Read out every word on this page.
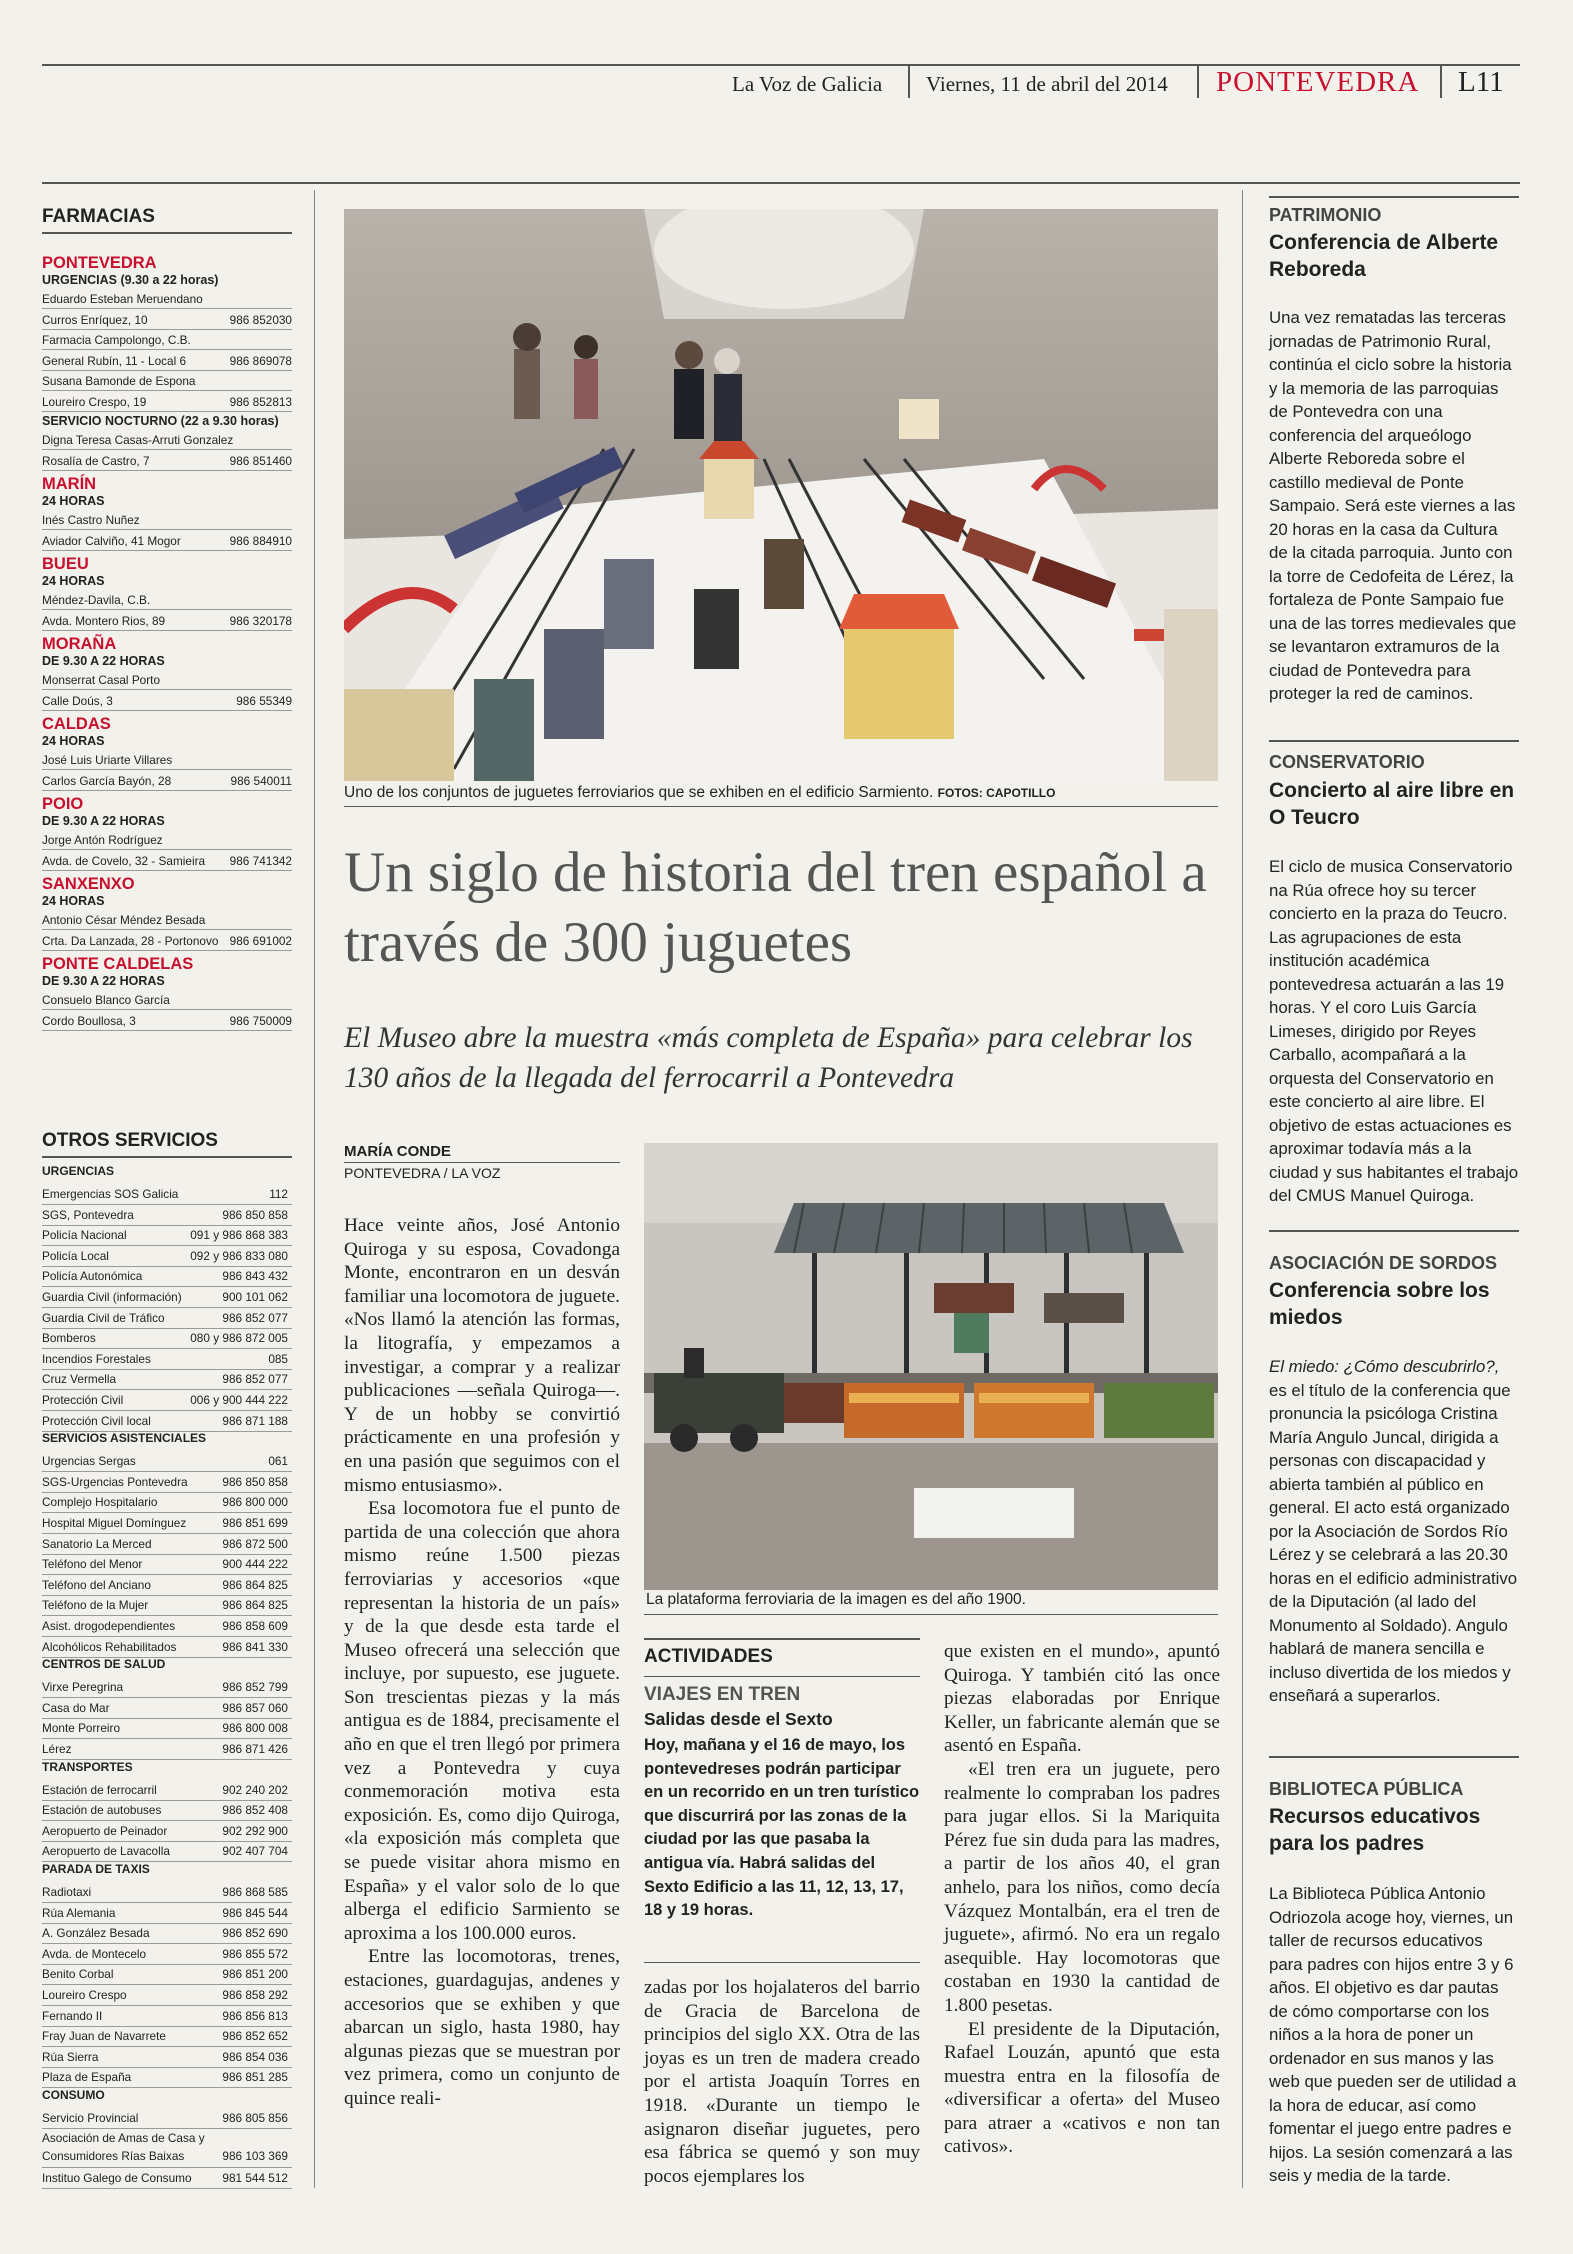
La Voz de Galicia Viernes, 11 de abril del 2014 PONTEVEDRA L11
FARMACIAS
PONTEVEDRA
URGENCIAS (9.30 a 22 horas)
Eduardo Esteban Meruendano
Curros Enríquez, 10	986 852030
Farmacia Campolongo, C.B.
General Rubín, 11 - Local 6	986 869078
Susana Bamonde de Espona
Loureiro Crespo, 19	986 852813
SERVICIO NOCTURNO (22 a 9.30 horas)
Digna Teresa Casas-Arruti Gonzalez
Rosalía de Castro, 7	986 851460
MARÍN
24 HORAS
Inés Castro Nuñez
Aviador Calviño, 41 Mogor	986 884910
BUEU
24 HORAS
Méndez-Davila, C.B.
Avda. Montero Rios, 89	986 320178
MORAÑA
DE 9.30 A 22 HORAS
Monserrat Casal Porto
Calle Doús, 3	986 55349
CALDAS
24 HORAS
José Luis Uriarte Villares
Carlos García Bayón, 28	986 540011
POIO
DE 9.30 A 22 HORAS
Jorge Antón Rodríguez
Avda. de Covelo, 32 - Samieira 986 741342
SANXENXO
24 HORAS
Antonio César Méndez Besada
Crta. Da Lanzada, 28 - Portonovo 986 691002
PONTE CALDELAS
DE 9.30 A 22 HORAS
Consuelo Blanco García
Cordo Boullosa, 3	986 750009
OTROS SERVICIOS
URGENCIAS
Emergencias SOS Galicia	112
SGS, Pontevedra	986 850 858
Policía Nacional	091 y 986 868 383
Policía Local	092 y 986 833 080
Policía Autonómica	986 843 432
Guardia Civil (información)	900 101 062
Guardia Civil de Tráfico	986 852 077
Bomberos	080 y 986 872 005
Incendios Forestales	085
Cruz Vermella	986 852 077
Protección Civil	006 y 900 444 222
Protección Civil local	986 871 188
SERVICIOS ASISTENCIALES
Urgencias Sergas	061
SGS-Urgencias Pontevedra	986 850 858
Complejo Hospitalario	986 800 000
Hospital Miguel Domínguez	986 851 699
Sanatorio La Merced	986 872 500
Teléfono del Menor	900 444 222
Teléfono del Anciano	986 864 825
Teléfono de la Mujer	986 864 825
Asist. drogodependientes	986 858 609
Alcohólicos Rehabilitados	986 841 330
CENTROS DE SALUD
Virxe Peregrina	986 852 799
Casa do Mar	986 857 060
Monte Porreiro	986 800 008
Lérez	986 871 426
TRANSPORTES
Estación de ferrocarril	902 240 202
Estación de autobuses	986 852 408
Aeropuerto de Peinador	902 292 900
Aeropuerto de Lavacolla	902 407 704
PARADA DE TAXIS
Radiotaxi	986 868 585
Rúa Alemania	986 845 544
A. González Besada	986 852 690
Avda. de Montecelo	986 855 572
Benito Corbal	986 851 200
Loureiro Crespo	986 858 292
Fernando II	986 856 813
Fray Juan de Navarrete	986 852 652
Rúa Sierra	986 854 036
Plaza de España	986 851 285
CONSUMO
Servicio Provincial	986 805 856
Asociación de Amas de Casa y Consumidores Rías Baixas	986 103 369
Instituo Galego de Consumo	981 544 512
Uno de los conjuntos de juguetes ferroviarios que se exhiben en el edificio Sarmiento. FOTOS: CAPOTILLO
Un siglo de historia del tren español a través de 300 juguetes
El Museo abre la muestra «más completa de España» para celebrar los 130 años de la llegada del ferrocarril a Pontevedra
MARÍA CONDE
PONTEVEDRA / LA VOZ

Hace veinte años, José Antonio Quiroga y su esposa, Covadonga Monte, encontraron en un desván familiar una locomotora de juguete. «Nos llamó la atención las formas, la litografía, y empezamos a investigar, a comprar y a realizar publicaciones —señala Quiroga—. Y de un hobby se convirtió prácticamente en una profesión y en una pasión que seguimos con el mismo entusiasmo».

Esa locomotora fue el punto de partida de una colección que ahora mismo reúne 1.500 piezas ferroviarias y accesorios «que representan la historia de un país» y de la que desde esta tarde el Museo ofrecerá una selección que incluye, por supuesto, ese juguete. Son trescientas piezas y la más antigua es de 1884, precisamente el año en que el tren llegó por primera vez a Pontevedra y cuya conmemoración motiva esta exposición. Es, como dijo Quiroga, «la exposición más completa que se puede visitar ahora mismo en España» y el valor solo de lo que alberga el edificio Sarmiento se aproxima a los 100.000 euros.

Entre las locomotoras, trenes, estaciones, guardagujas, andenes y accesorios que se exhiben y que abarcan un siglo, hasta 1980, hay algunas piezas que se muestran por vez primera, como un conjunto de quince reali-

La plataforma ferroviaria de la imagen es del año 1900.
ACTIVIDADES
VIAJES EN TREN
Salidas desde el Sexto
Hoy, mañana y el 16 de mayo, los pontevedreses podrán participar en un recorrido en un tren turístico que discurrirá por las zonas de la ciudad por las que pasaba la antigua vía. Habrá salidas del Sexto Edificio a las 11, 12, 13, 17, 18 y 19 horas.

zadas por los hojalateros del barrio de Gracia de Barcelona de principios del siglo XX. Otra de las joyas es un tren de madera creado por el artista Joaquín Torres en 1918. «Durante un tiempo le asignaron diseñar juguetes, pero esa fábrica se quemó y son muy pocos ejemplares los

que existen en el mundo», apuntó Quiroga. Y también citó las once piezas elaboradas por Enrique Keller, un fabricante alemán que se asentó en España.

«El tren era un juguete, pero realmente lo compraban los padres para jugar ellos. Si la Mariquita Pérez fue sin duda para las madres, a partir de los años 40, el gran anhelo, para los niños, como decía Vázquez Montalbán, era el tren de juguete», afirmó. No era un regalo asequible. Hay locomotoras que costaban en 1930 la cantidad de 1.800 pesetas.

El presidente de la Diputación, Rafael Louzán, apuntó que esta muestra entra en la filosofía de «diversificar a oferta» del Museo para atraer a «cativos e non tan cativos».

PATRIMONIO
Conferencia de Alberte Reboreda
Una vez rematadas las terceras jornadas de Patrimonio Rural, continúa el ciclo sobre la historia y la memoria de las parroquias de Pontevedra con una conferencia del arqueólogo Alberte Reboreda sobre el castillo medieval de Ponte Sampaio. Será este viernes a las 20 horas en la casa da Cultura de la citada parroquia. Junto con la torre de Cedofeita de Lérez, la fortaleza de Ponte Sampaio fue una de las torres medievales que se levantaron extramuros de la ciudad de Pontevedra para proteger la red de caminos.
CONSERVATORIO
Concierto al aire libre en O Teucro
El ciclo de musica Conservatorio na Rúa ofrece hoy su tercer concierto en la praza do Teucro. Las agrupaciones de esta institución académica pontevedresa actuarán a las 19 horas. Y el coro Luis García Limeses, dirigido por Reyes Carballo, acompañará a la orquesta del Conservatorio en este concierto al aire libre. El objetivo de estas actuaciones es aproximar todavía más a la ciudad y sus habitantes el trabajo del CMUS Manuel Quiroga.
ASOCIACIÓN DE SORDOS
Conferencia sobre los miedos
El miedo: ¿Cómo descubrirlo?, es el título de la conferencia que pronuncia la psicóloga Cristina María Angulo Juncal, dirigida a personas con discapacidad y abierta también al público en general. El acto está organizado por la Asociación de Sordos Río Lérez y se celebrará a las 20.30 horas en el edificio administrativo de la Diputación (al lado del Monumento al Soldado). Angulo hablará de manera sencilla e incluso divertida de los miedos y enseñará a superarlos.
BIBLIOTECA PÚBLICA
Recursos educativos para los padres
La Biblioteca Pública Antonio Odriozola acoge hoy, viernes, un taller de recursos educativos para padres con hijos entre 3 y 6 años. El objetivo es dar pautas de cómo comportarse con los niños a la hora de poner un ordenador en sus manos y las web que pueden ser de utilidad a la hora de educar, así como fomentar el juego entre padres e hijos. La sesión comenzará a las seis y media de la tarde.
